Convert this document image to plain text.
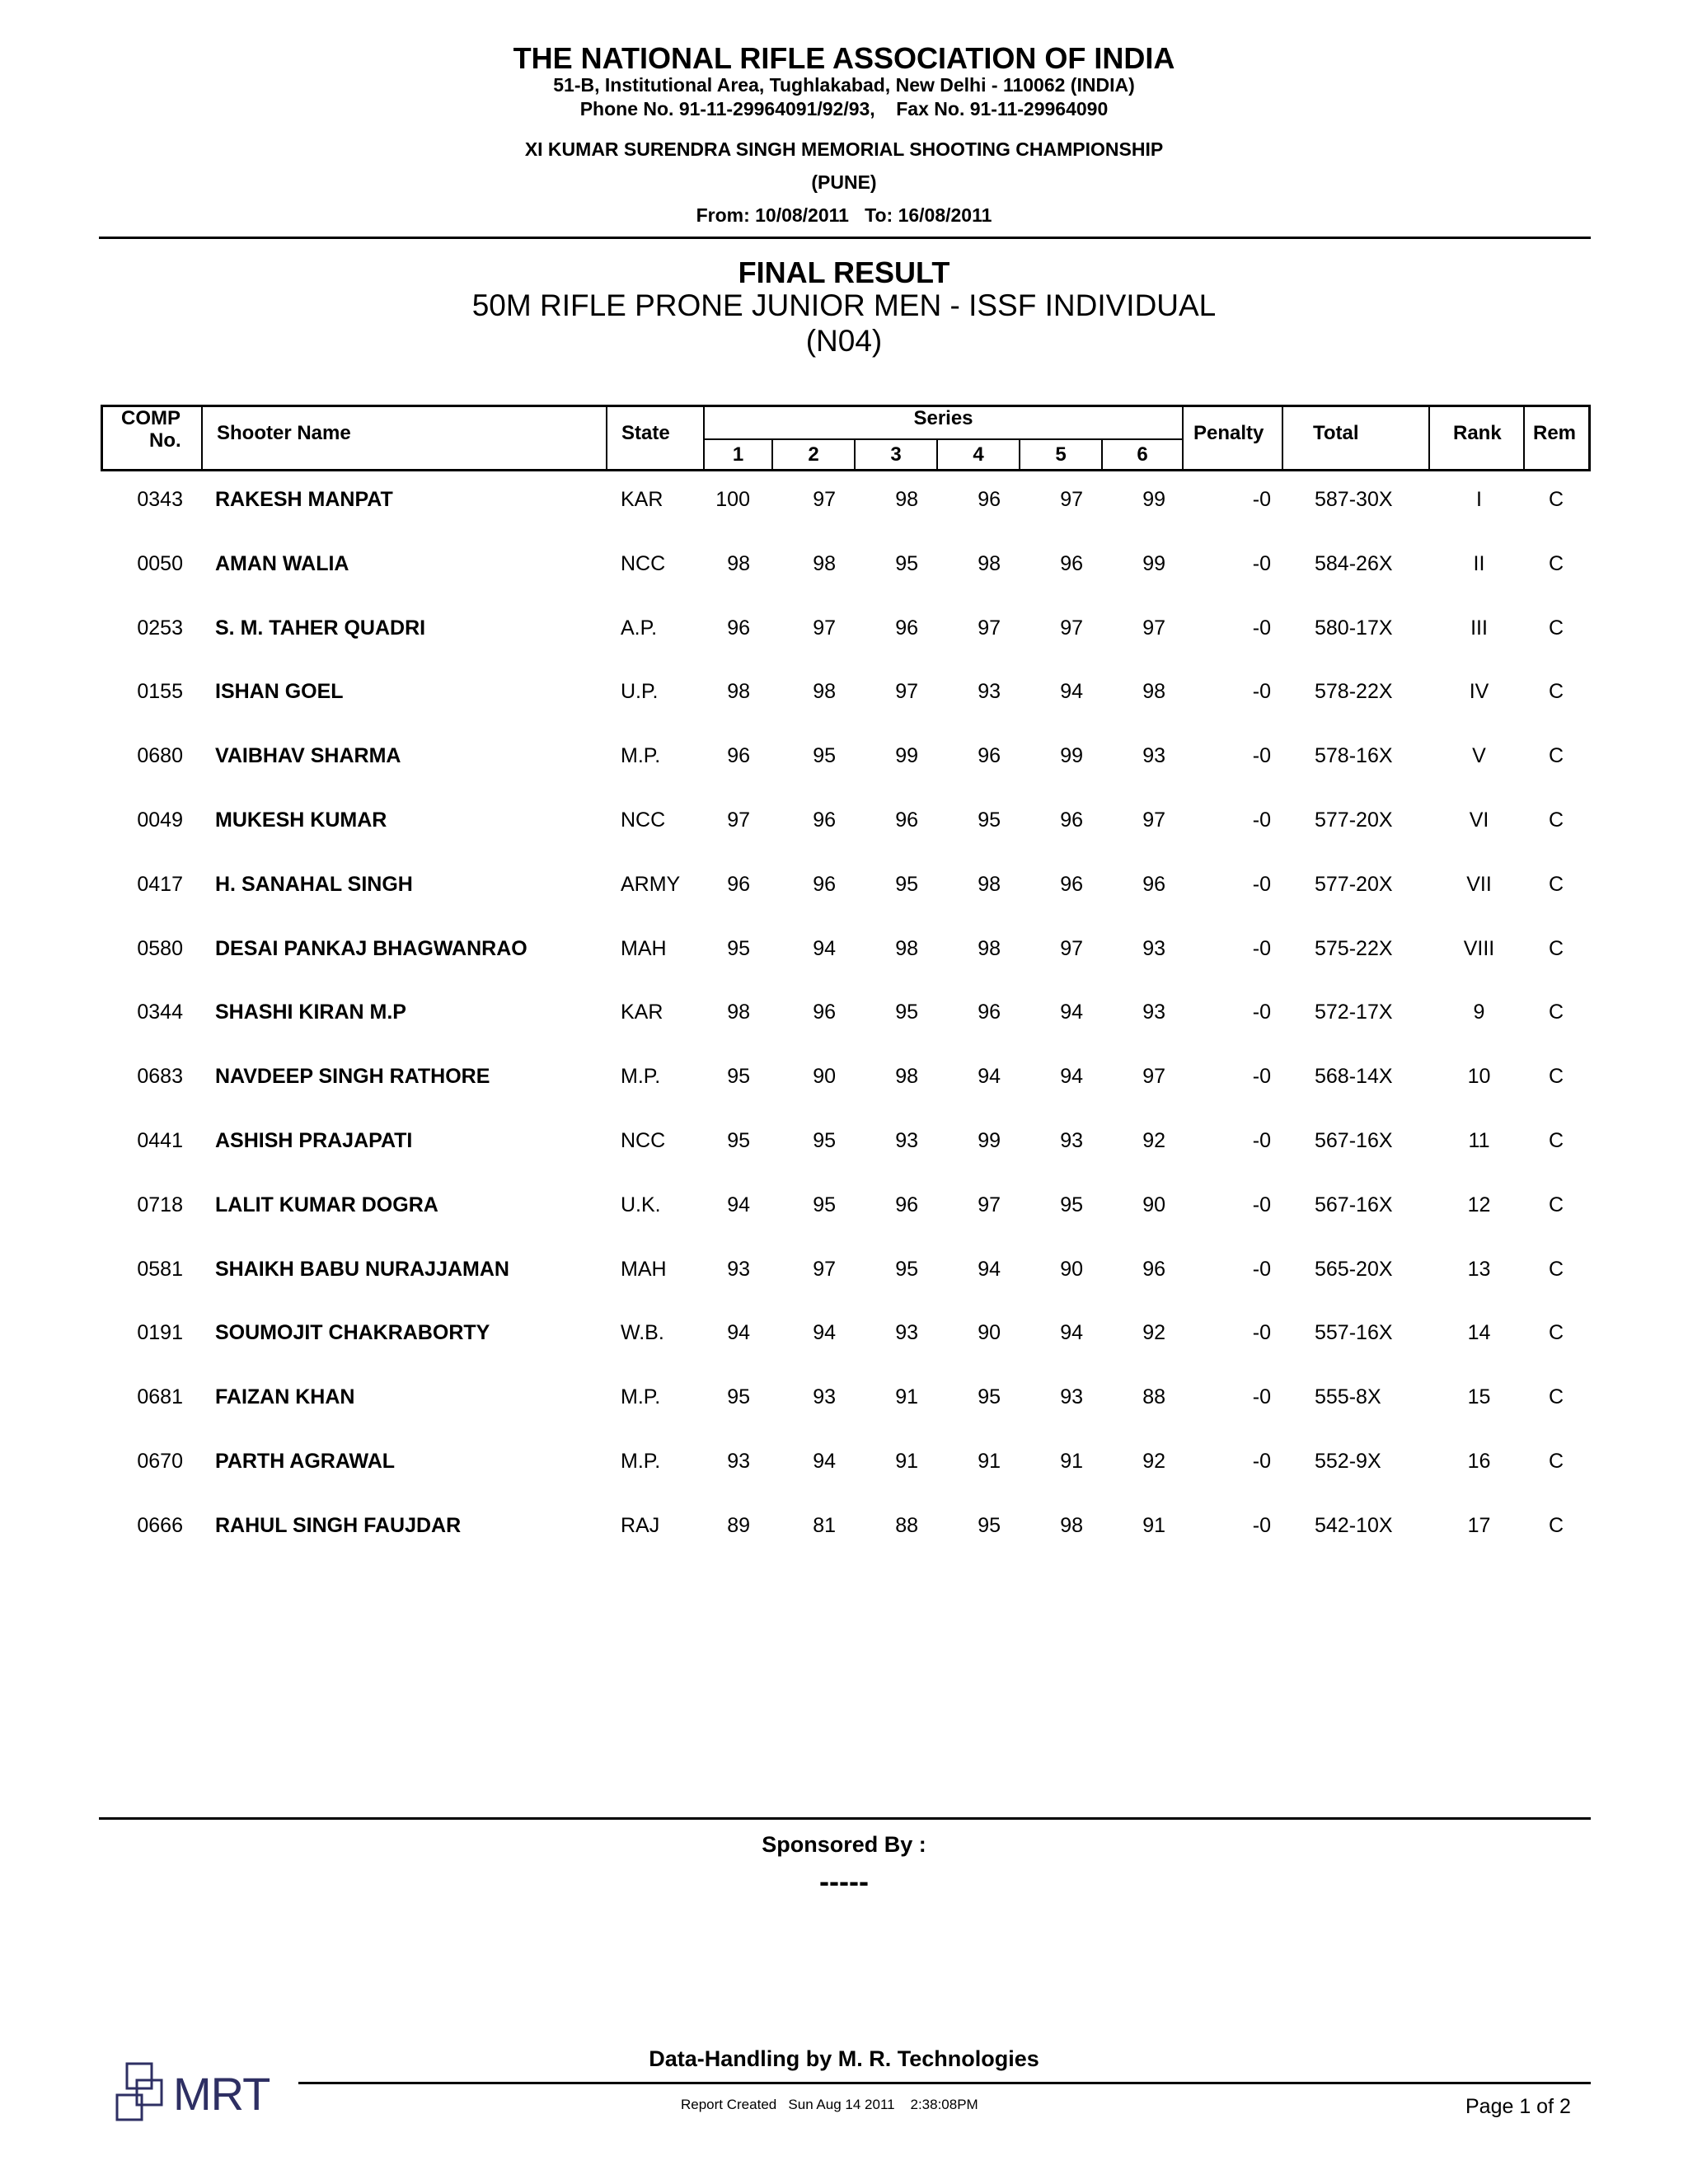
THE NATIONAL RIFLE ASSOCIATION OF INDIA
51-B, Institutional Area, Tughlakabad, New Delhi - 110062 (INDIA)
Phone No. 91-11-29964091/92/93,    Fax No. 91-11-29964090
XI KUMAR SURENDRA SINGH MEMORIAL SHOOTING CHAMPIONSHIP
(PUNE)
From: 10/08/2011   To: 16/08/2011
FINAL RESULT
50M RIFLE PRONE JUNIOR MEN - ISSF INDIVIDUAL
(N04)
COMP
No. Shooter Name	State
Series
1	2	3	4	5	6
Penalty Total	Rank Rem
0343 RAKESH MANPAT	KAR	100	97	98	96	97	99	-0 587-30X	I	C
0050 AMAN WALIA	NCC	98	98	95	98	96	99	-0 584-26X	II	C
0253 S. M. TAHER QUADRI	A.P.	96	97	96	97	97	97	-0 580-17X	III	C
0155 ISHAN GOEL	U.P.	98	98	97	93	94	98	-0 578-22X	IV	C
0680 VAIBHAV SHARMA	M.P.	96	95	99	96	99	93	-0 578-16X	V	C
0049 MUKESH KUMAR	NCC	97	96	96	95	96	97	-0 577-20X	VI	C
0417 H. SANAHAL SINGH	ARMY	96	96	95	98	96	96	-0 577-20X	VII	C
0580 DESAI PANKAJ BHAGWANRAO	MAH	95	94	98	98	97	93	-0 575-22X	VIII	C
0344 SHASHI KIRAN M.P	KAR	98	96	95	96	94	93	-0 572-17X	9	C
0683 NAVDEEP SINGH RATHORE	M.P.	95	90	98	94	94	97	-0 568-14X	10	C
0441 ASHISH PRAJAPATI	NCC	95	95	93	99	93	92	-0 567-16X	11	C
0718 LALIT KUMAR DOGRA	U.K.	94	95	96	97	95	90	-0 567-16X	12	C
0581 SHAIKH BABU NURAJJAMAN	MAH	93	97	95	94	90	96	-0 565-20X	13	C
0191 SOUMOJIT CHAKRABORTY	W.B.	94	94	93	90	94	92	-0 557-16X	14	C
0681 FAIZAN KHAN	M.P.	95	93	91	95	93	88	-0 555-8X	15	C
0670 PARTH AGRAWAL	M.P.	93	94	91	91	91	92	-0 552-9X	16	C
0666 RAHUL SINGH FAUJDAR	RAJ	89	81	88	95	98	91	-0 542-10X	17	C
Sponsored By :
-----
Data-Handling by M. R. Technologies
Report Created   Sun Aug 14 2011    2:38:08PM	Page 1 of 2
MRT
